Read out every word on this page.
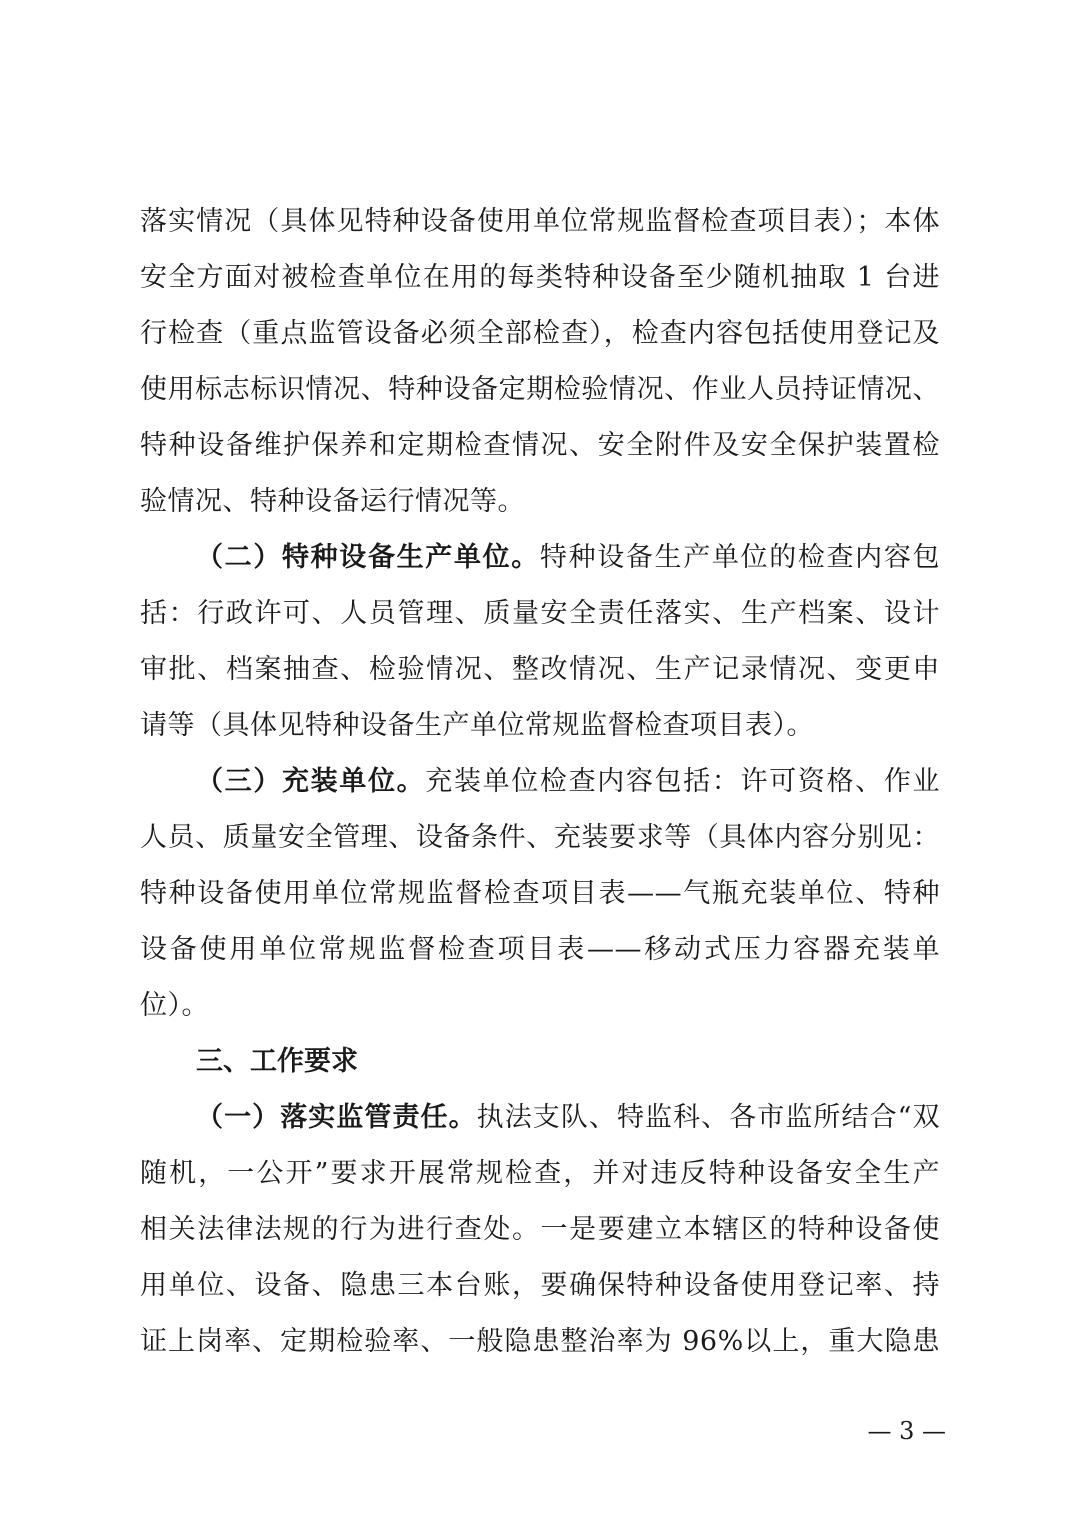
落实情况（具体见特种设备使用单位常规监督检查项目表）；本体
安全方面对被检查单位在用的每类特种设备至少随机抽取 1 台进
行检查（重点监管设备必须全部检查），检查内容包括使用登记及
使用标志标识情况、特种设备定期检验情况、作业人员持证情况、
特种设备维护保养和定期检查情况、安全附件及安全保护装置检
验情况、特种设备运行情况等。
（二）特种设备生产单位。特种设备生产单位的检查内容包
括：行政许可、人员管理、质量安全责任落实、生产档案、设计
审批、档案抽查、检验情况、整改情况、生产记录情况、变更申
请等（具体见特种设备生产单位常规监督检查项目表）。
（三）充装单位。充装单位检查内容包括：许可资格、作业
人员、质量安全管理、设备条件、充装要求等（具体内容分别见：
特种设备使用单位常规监督检查项目表——气瓶充装单位、特种
设备使用单位常规监督检查项目表——移动式压力容器充装单
位）。
三、工作要求
（一）落实监管责任。执法支队、特监科、各市监所结合“双
随机，一公开”要求开展常规检查，并对违反特种设备安全生产
相关法律法规的行为进行查处。一是要建立本辖区的特种设备使
用单位、设备、隐患三本台账，要确保特种设备使用登记率、持
证上岗率、定期检验率、一般隐患整治率为 96%以上，重大隐患
— 3 —
